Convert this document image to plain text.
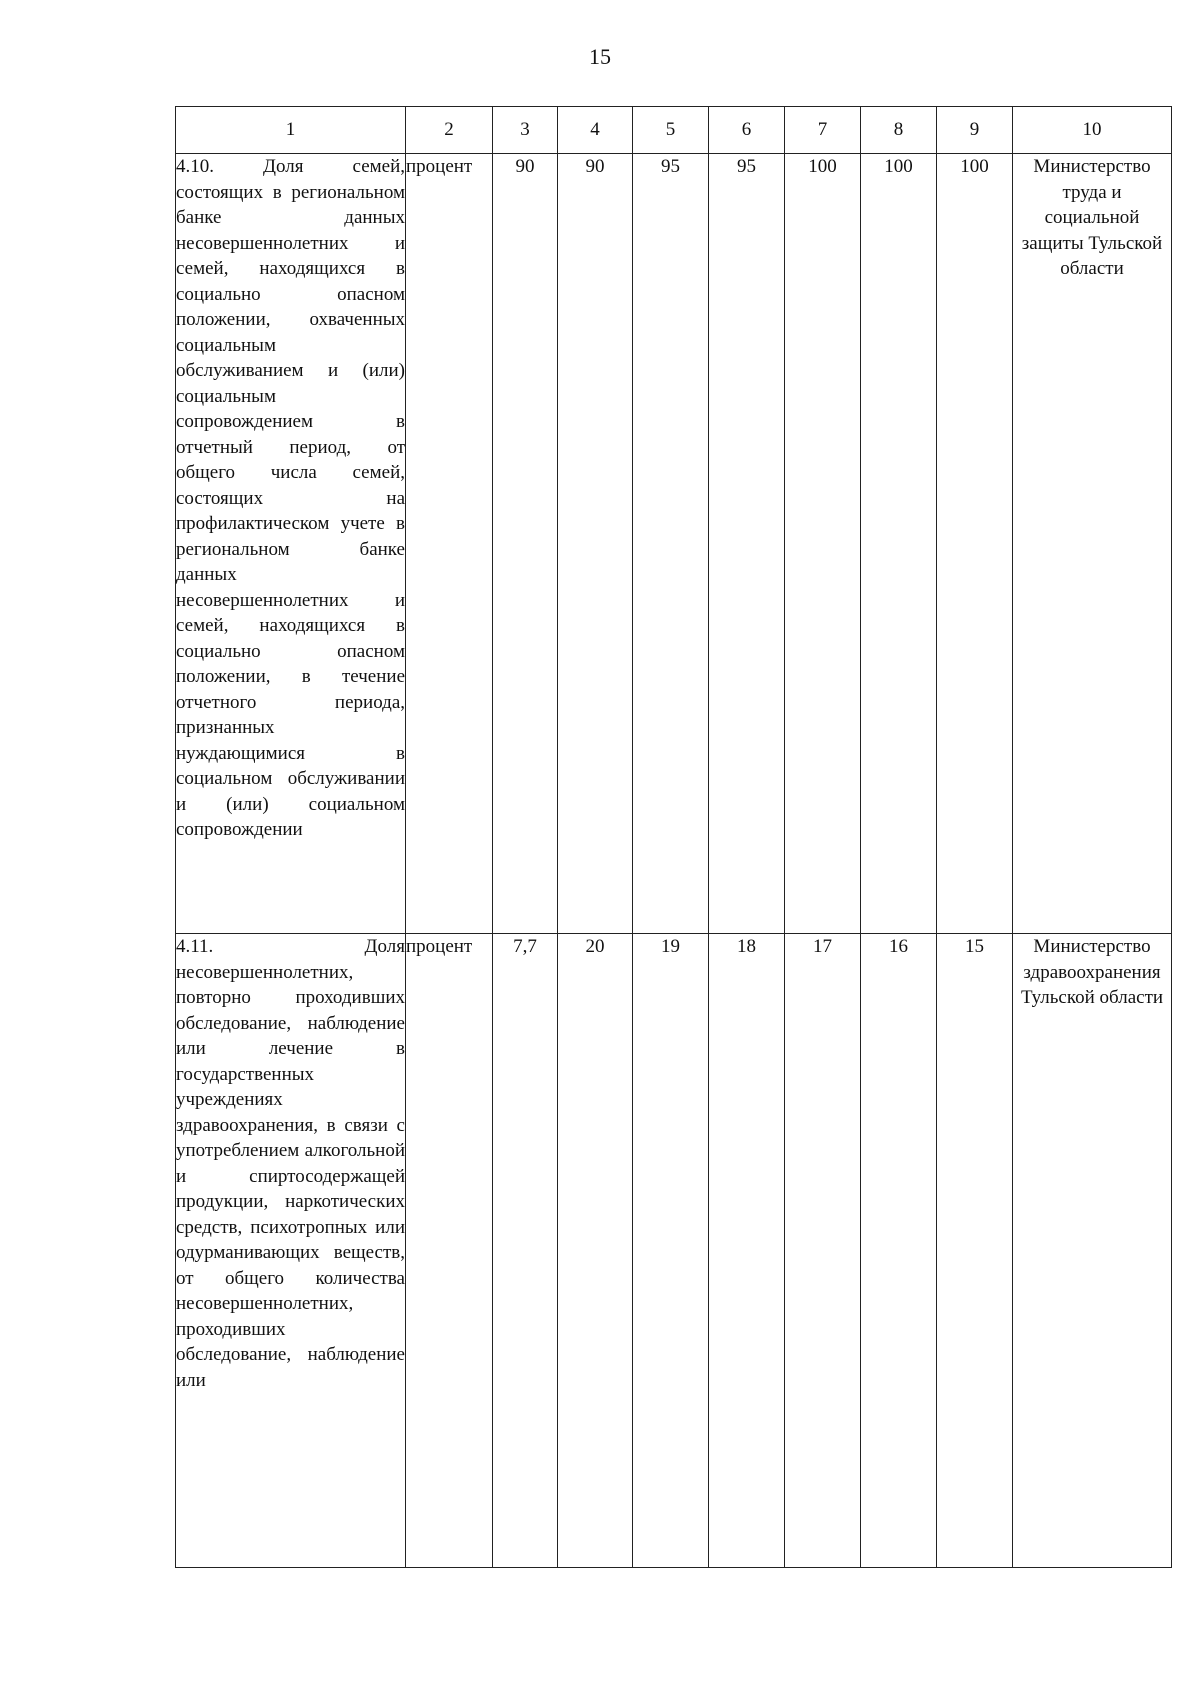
15
1	2	3	4	5	6	7	8	9	10
4.10. Доля семей, состоящих в региональном банке данных несовершеннолетних и семей, находящихся в социально опасном положении, охваченных социальным обслуживанием и (или) социальным сопровождением в отчетный период, от общего числа семей, состоящих на профилактическом учете в региональном банке данных несовершеннолетних и семей, находящихся в социально опасном положении, в течение отчетного периода, признанных нуждающимися в социальном обслуживании и (или) социальном сопровождении	процент	90	90	95	95	100	100	100	Министерство труда и социальной защиты Тульской области
4.11. Доля несовершеннолетних, повторно проходивших обследование, наблюдение или лечение в государственных учреждениях здравоохранения, в связи с употреблением алкогольной и спиртосодержащей продукции, наркотических средств, психотропных или одурманивающих веществ, от общего количества несовершеннолетних, проходивших обследование, наблюдение или	процент	7,7	20	19	18	17	16	15	Министерство здравоохранения Тульской области
